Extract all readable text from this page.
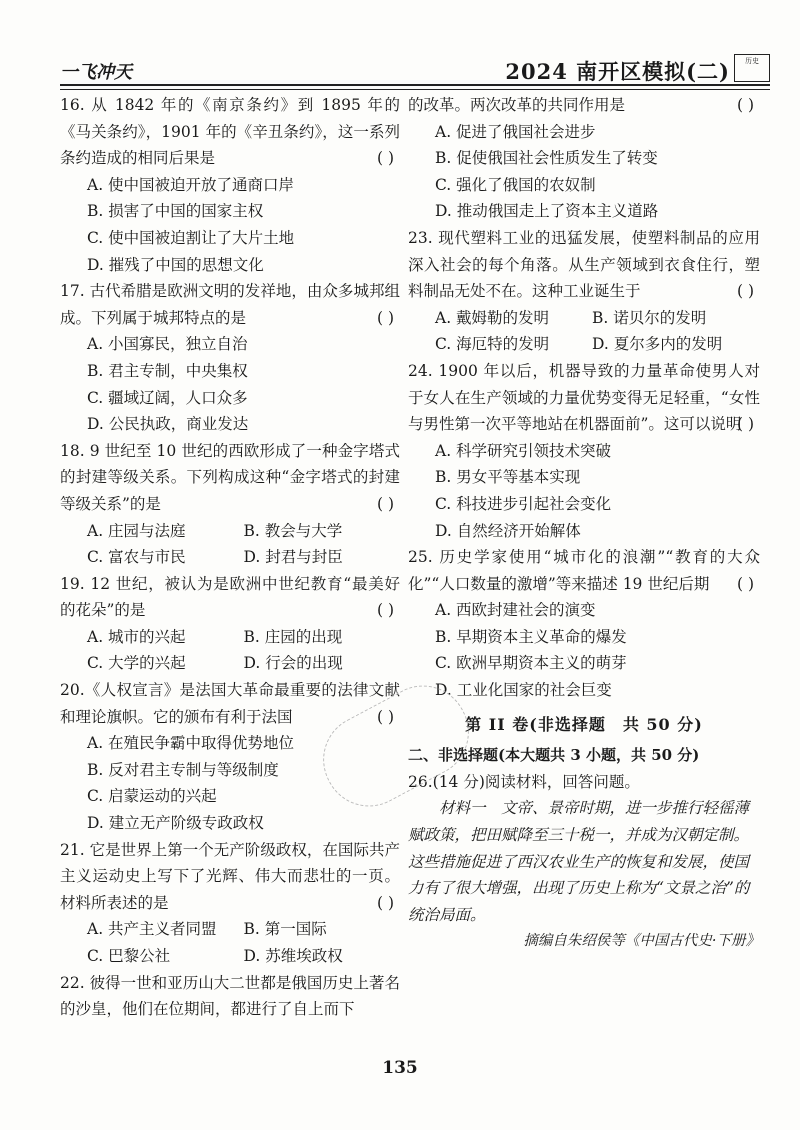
一飞冲天	2024 南开区模拟(二)	历史

16. 从 1842 年的《南京条约》到 1895 年的《马关条约》，1901 年的《辛丑条约》，这一系列条约造成的相同后果是	( )

A. 使中国被迫开放了通商口岸

B. 损害了中国的国家主权

C. 使中国被迫割让了大片土地

D. 摧残了中国的思想文化

17. 古代希腊是欧洲文明的发祥地，由众多城邦组成。下列属于城邦特点的是	( )

A. 小国寡民，独立自治

B. 君主专制，中央集权

C. 疆域辽阔，人口众多

D. 公民执政，商业发达

18. 9 世纪至 10 世纪的西欧形成了一种金字塔式的封建等级关系。下列构成这种“金字塔式的封建等级关系”的是	( )
A. 庄园与法庭	B. 教会与大学
C. 富农与市民	D. 封君与封臣

19. 12 世纪，被认为是欧洲中世纪教育“最美好的花朵”的是	( )
A. 城市的兴起	B. 庄园的出现
C. 大学的兴起	D. 行会的出现

20.《人权宣言》是法国大革命最重要的法律文献和理论旗帜。它的颁布有利于法国	( )

A. 在殖民争霸中取得优势地位

B. 反对君主专制与等级制度

C. 启蒙运动的兴起

D. 建立无产阶级专政政权

21. 它是世界上第一个无产阶级政权，在国际共产主义运动史上写下了光辉、伟大而悲壮的一页。材料所表述的是	( )
A. 共产主义者同盟	B. 第一国际
C. 巴黎公社	D. 苏维埃政权

22. 彼得一世和亚历山大二世都是俄国历史上著名的沙皇，他们在位期间，都进行了自上而下

的改革。两次改革的共同作用是	( )

A. 促进了俄国社会进步

B. 促使俄国社会性质发生了转变

C. 强化了俄国的农奴制

D. 推动俄国走上了资本主义道路

23. 现代塑料工业的迅猛发展，使塑料制品的应用深入社会的每个角落。从生产领域到衣食住行，塑料制品无处不在。这种工业诞生于	( )
A. 戴姆勒的发明	B. 诺贝尔的发明
C. 海厄特的发明	D. 夏尔多内的发明

24. 1900 年以后，机器导致的力量革命使男人对于女人在生产领域的力量优势变得无足轻重，“女性与男性第一次平等地站在机器面前”。这可以说明

( )

A. 科学研究引领技术突破

B. 男女平等基本实现

C. 科技进步引起社会变化

D. 自然经济开始解体

25. 历史学家使用“城市化的浪潮”“教育的大众化”“人口数量的激增”等来描述 19 世纪后期	( )

A. 西欧封建社会的演变

B. 早期资本主义革命的爆发

C. 欧洲早期资本主义的萌芽

D. 工业化国家的社会巨变

第 II 卷(非选择题　共 50 分)

二、非选择题(本大题共 3 小题，共 50 分)

26.(14 分)阅读材料，回答问题。

材料一　文帝、景帝时期，进一步推行轻徭薄赋政策，把田赋降至三十税一，并成为汉朝定制。这些措施促进了西汉农业生产的恢复和发展，使国力有了很大增强，出现了历史上称为“文景之治”的统治局面。

摘编自朱绍侯等《中国古代史·下册》

135
